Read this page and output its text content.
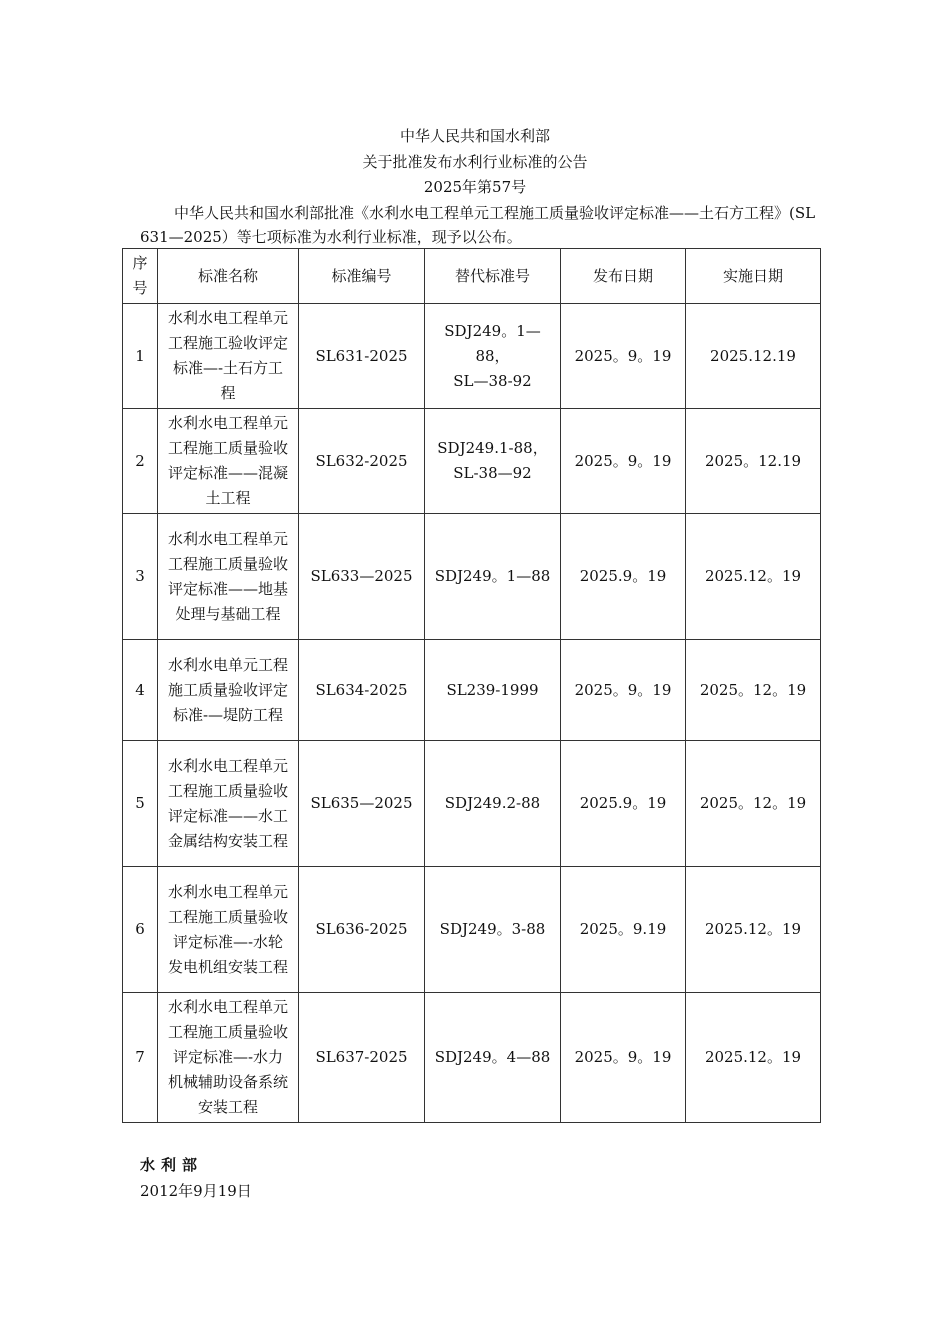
中华人民共和国水利部
关于批准发布水利行业标准的公告
2025年第57号
中华人民共和国水利部批准《水利水电工程单元工程施工质量验收评定标准——土石方工程》(SL 631—2025）等七项标准为水利行业标准，现予以公布。
序号	标准名称	标准编号	替代标准号	发布日期	实施日期
1	水利水电工程单元工程施工验收评定标准—-土石方工程	SL631-2025	SDJ249。1—
88，
SL—38-92	2025。9。19	2025.12.19
2	水利水电工程单元工程施工质量验收评定标准——混凝土工程	SL632-2025	SDJ249.1-88，
SL-38—92	2025。9。19	2025。12.19
3	水利水电工程单元工程施工质量验收评定标准——地基处理与基础工程	SL633—2025	SDJ249。1—88	2025.9。19	2025.12。19
4	水利水电单元工程施工质量验收评定标准-—堤防工程	SL634-2025	SL239-1999	2025。9。19	2025。12。19
5	水利水电工程单元工程施工质量验收评定标准——水工金属结构安装工程	SL635—2025	SDJ249.2-88	2025.9。19	2025。12。19
6	水利水电工程单元工程施工质量验收评定标准—-水轮发电机组安装工程	SL636-2025	SDJ249。3-88	2025。9.19	2025.12。19
7	水利水电工程单元工程施工质量验收评定标准—-水力机械辅助设备系统安装工程	SL637-2025	SDJ249。4—88	2025。9。19	2025.12。19
水利部
2012年9月19日
